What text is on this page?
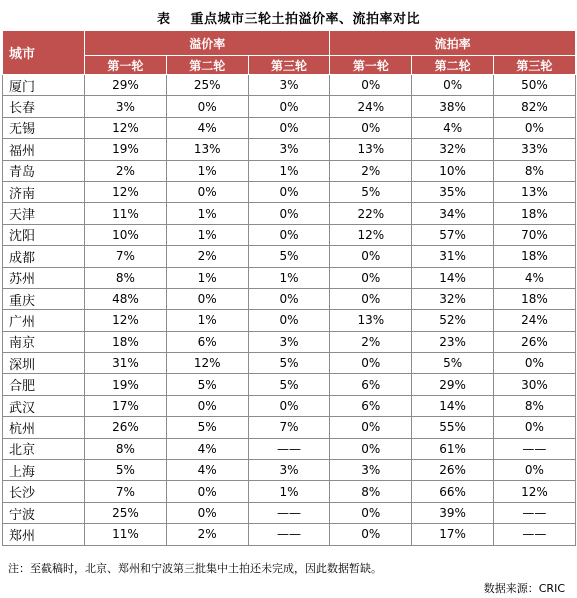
表    重点城市三轮土拍溢价率、流拍率对比
城市	溢价率			流拍率		
	第一轮	第二轮	第三轮	第一轮	第二轮	第三轮
厦门	29%	25%	3%	0%	0%	50%
长春	3%	0%	0%	24%	38%	82%
无锡	12%	4%	0%	0%	4%	0%
福州	19%	13%	3%	13%	32%	33%
青岛	2%	1%	1%	2%	10%	8%
济南	12%	0%	0%	5%	35%	13%
天津	11%	1%	0%	22%	34%	18%
沈阳	10%	1%	0%	12%	57%	70%
成都	7%	2%	5%	0%	31%	18%
苏州	8%	1%	1%	0%	14%	4%
重庆	48%	0%	0%	0%	32%	18%
广州	12%	1%	0%	13%	52%	24%
南京	18%	6%	3%	2%	23%	26%
深圳	31%	12%	5%	0%	5%	0%
合肥	19%	5%	5%	6%	29%	30%
武汉	17%	0%	0%	6%	14%	8%
杭州	26%	5%	7%	0%	55%	0%
北京	8%	4%	——	0%	61%	——
上海	5%	4%	3%	3%	26%	0%
长沙	7%	0%	1%	8%	66%	12%
宁波	25%	0%	——	0%	39%	——
郑州	11%	2%	——	0%	17%	——
注：至截稿时，北京、郑州和宁波第三批集中土拍还未完成，因此数据暂缺。
数据来源：CRIC
